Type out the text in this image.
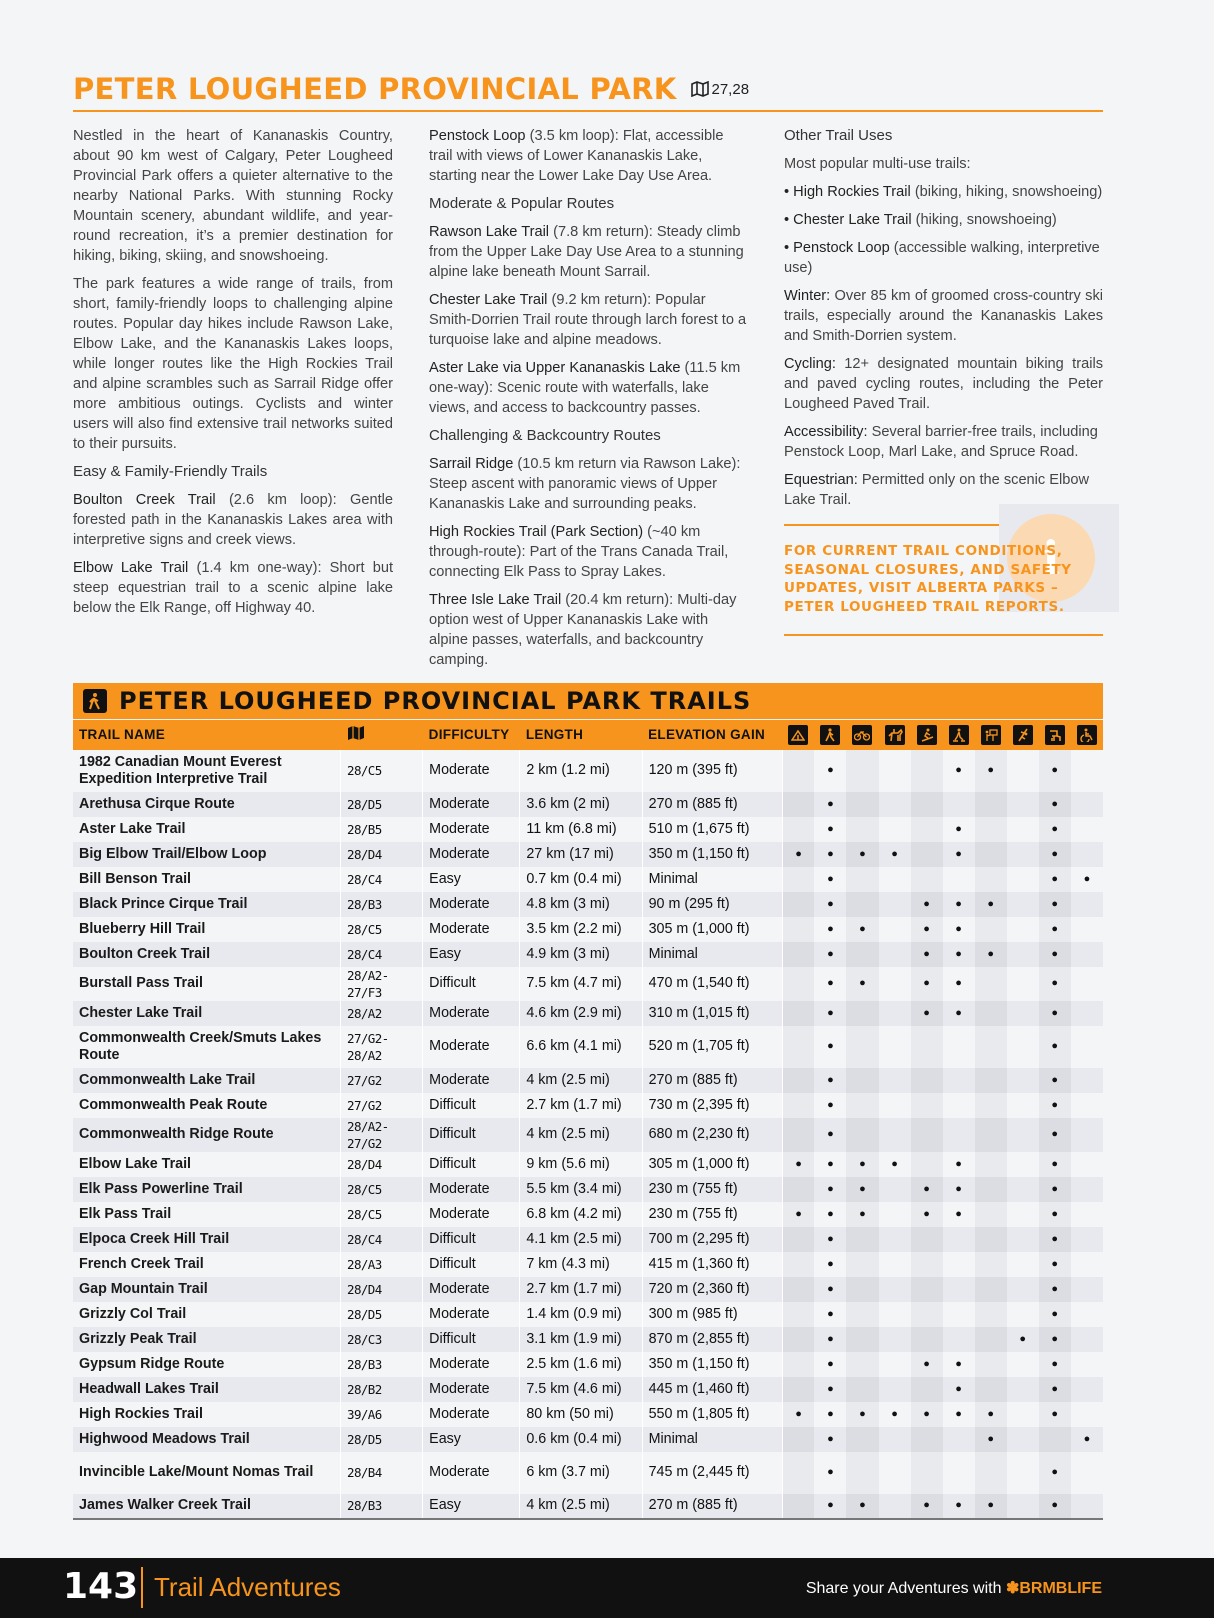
PETER LOUGHEED PROVINCIAL PARK 27,28

Nestled in the heart of Kananaskis Country, about 90 km west of Calgary, Peter Lougheed Provincial Park offers a quieter alternative to the nearby National Parks. With stunning Rocky Mountain scenery, abundant wildlife, and year-round recreation, it’s a premier destination for hiking, biking, skiing, and snowshoeing.

The park features a wide range of trails, from short, family-friendly loops to challenging alpine routes. Popular day hikes include Rawson Lake, Elbow Lake, and the Kananaskis Lakes loops, while longer routes like the High Rockies Trail and alpine scrambles such as Sarrail Ridge offer more ambitious outings. Cyclists and winter users will also find extensive trail networks suited to their pursuits.

Easy & Family-Friendly Trails

Boulton Creek Trail (2.6 km loop): Gentle forested path in the Kananaskis Lakes area with interpretive signs and creek views.

Elbow Lake Trail (1.4 km one-way): Short but steep equestrian trail to a scenic alpine lake below the Elk Range, off Highway 40.

Penstock Loop (3.5 km loop): Flat, accessible trail with views of Lower Kananaskis Lake, starting near the Lower Lake Day Use Area.

Moderate & Popular Routes

Rawson Lake Trail (7.8 km return): Steady climb from the Upper Lake Day Use Area to a stunning alpine lake beneath Mount Sarrail.

Chester Lake Trail (9.2 km return): Popular Smith-Dorrien Trail route through larch forest to a turquoise lake and alpine meadows.

Aster Lake via Upper Kananaskis Lake (11.5 km one-way): Scenic route with waterfalls, lake views, and access to backcountry passes.

Challenging & Backcountry Routes

Sarrail Ridge (10.5 km return via Rawson Lake): Steep ascent with panoramic views of Upper Kananaskis Lake and surrounding peaks.

High Rockies Trail (Park Section) (~40 km through-route): Part of the Trans Canada Trail, connecting Elk Pass to Spray Lakes.

Three Isle Lake Trail (20.4 km return): Multi-day option west of Upper Kananaskis Lake with alpine passes, waterfalls, and backcountry camping.

Other Trail Uses

Most popular multi-use trails:

• High Rockies Trail (biking, hiking, snowshoeing)

• Chester Lake Trail (hiking, snowshoeing)

• Penstock Loop (accessible walking, interpretive use)

Winter: Over 85 km of groomed cross-country ski trails, especially around the Kananaskis Lakes and Smith-Dorrien system.

Cycling: 12+ designated mountain biking trails and paved cycling routes, including the Peter Lougheed Paved Trail.

Accessibility: Several barrier-free trails, including Penstock Loop, Marl Lake, and Spruce Road.

Equestrian: Permitted only on the scenic Elbow Lake Trail.

i
FOR CURRENT TRAIL CONDITIONS, SEASONAL CLOSURES, AND SAFETY UPDATES, VISIT ALBERTA PARKS – PETER LOUGHEED TRAIL REPORTS.
PETER LOUGHEED PROVINCIAL PARK TRAILS
TRAIL NAME		DIFFICULTY	LENGTH	ELEVATION GAIN	

1982 Canadian Mount Everest Expedition Interpretive Trail	28/C5	Moderate	2 km (1.2 mi)	120 m (395 ft)		●				●	●		●	
Arethusa Cirque Route	28/D5	Moderate	3.6 km (2 mi)	270 m (885 ft)		●							●	
Aster Lake Trail	28/B5	Moderate	11 km (6.8 mi)	510 m (1,675 ft)		●				●			●	
Big Elbow Trail/Elbow Loop	28/D4	Moderate	27 km (17 mi)	350 m (1,150 ft)	●	●	●	●		●			●	
Bill Benson Trail	28/C4	Easy	0.7 km (0.4 mi)	Minimal		●							●	●
Black Prince Cirque Trail	28/B3	Moderate	4.8 km (3 mi)	90 m (295 ft)		●			●	●	●		●	
Blueberry Hill Trail	28/C5	Moderate	3.5 km (2.2 mi)	305 m (1,000 ft)		●	●		●	●			●	
Boulton Creek Trail	28/C4	Easy	4.9 km (3 mi)	Minimal		●			●	●	●		●	
Burstall Pass Trail	28/A2-27/F3	Difficult	7.5 km (4.7 mi)	470 m (1,540 ft)		●	●		●	●			●	
Chester Lake Trail	28/A2	Moderate	4.6 km (2.9 mi)	310 m (1,015 ft)		●			●	●			●	
Commonwealth Creek/Smuts Lakes Route	27/G2-28/A2	Moderate	6.6 km (4.1 mi)	520 m (1,705 ft)		●							●	
Commonwealth Lake Trail	27/G2	Moderate	4 km (2.5 mi)	270 m (885 ft)		●							●	
Commonwealth Peak Route	27/G2	Difficult	2.7 km (1.7 mi)	730 m (2,395 ft)		●							●	
Commonwealth Ridge Route	28/A2-27/G2	Difficult	4 km (2.5 mi)	680 m (2,230 ft)		●							●	
Elbow Lake Trail	28/D4	Difficult	9 km (5.6 mi)	305 m (1,000 ft)	●	●	●	●		●			●	
Elk Pass Powerline Trail	28/C5	Moderate	5.5 km (3.4 mi)	230 m (755 ft)		●	●		●	●			●	
Elk Pass Trail	28/C5	Moderate	6.8 km (4.2 mi)	230 m (755 ft)	●	●	●		●	●			●	
Elpoca Creek Hill Trail	28/C4	Difficult	4.1 km (2.5 mi)	700 m (2,295 ft)		●							●	
French Creek Trail	28/A3	Difficult	7 km (4.3 mi)	415 m (1,360 ft)		●							●	
Gap Mountain Trail	28/D4	Moderate	2.7 km (1.7 mi)	720 m (2,360 ft)		●							●	
Grizzly Col Trail	28/D5	Moderate	1.4 km (0.9 mi)	300 m (985 ft)		●							●	
Grizzly Peak Trail	28/C3	Difficult	3.1 km (1.9 mi)	870 m (2,855 ft)		●						●	●	
Gypsum Ridge Route	28/B3	Moderate	2.5 km (1.6 mi)	350 m (1,150 ft)		●			●	●			●	
Headwall Lakes Trail	28/B2	Moderate	7.5 km (4.6 mi)	445 m (1,460 ft)		●				●			●	
High Rockies Trail	39/A6	Moderate	80 km (50 mi)	550 m (1,805 ft)	●	●	●	●	●	●	●		●	
Highwood Meadows Trail	28/D5	Easy	0.6 km (0.4 mi)	Minimal		●					●			●
Invincible Lake/Mount Nomas Trail	28/B4	Moderate	6 km (3.7 mi)	745 m (2,445 ft)		●							●	
James Walker Creek Trail	28/B3	Easy	4 km (2.5 mi)	270 m (885 ft)		●	●		●	●	●		●	
143 Trail Adventures	Share your Adventures with ✽BRMBLIFE
